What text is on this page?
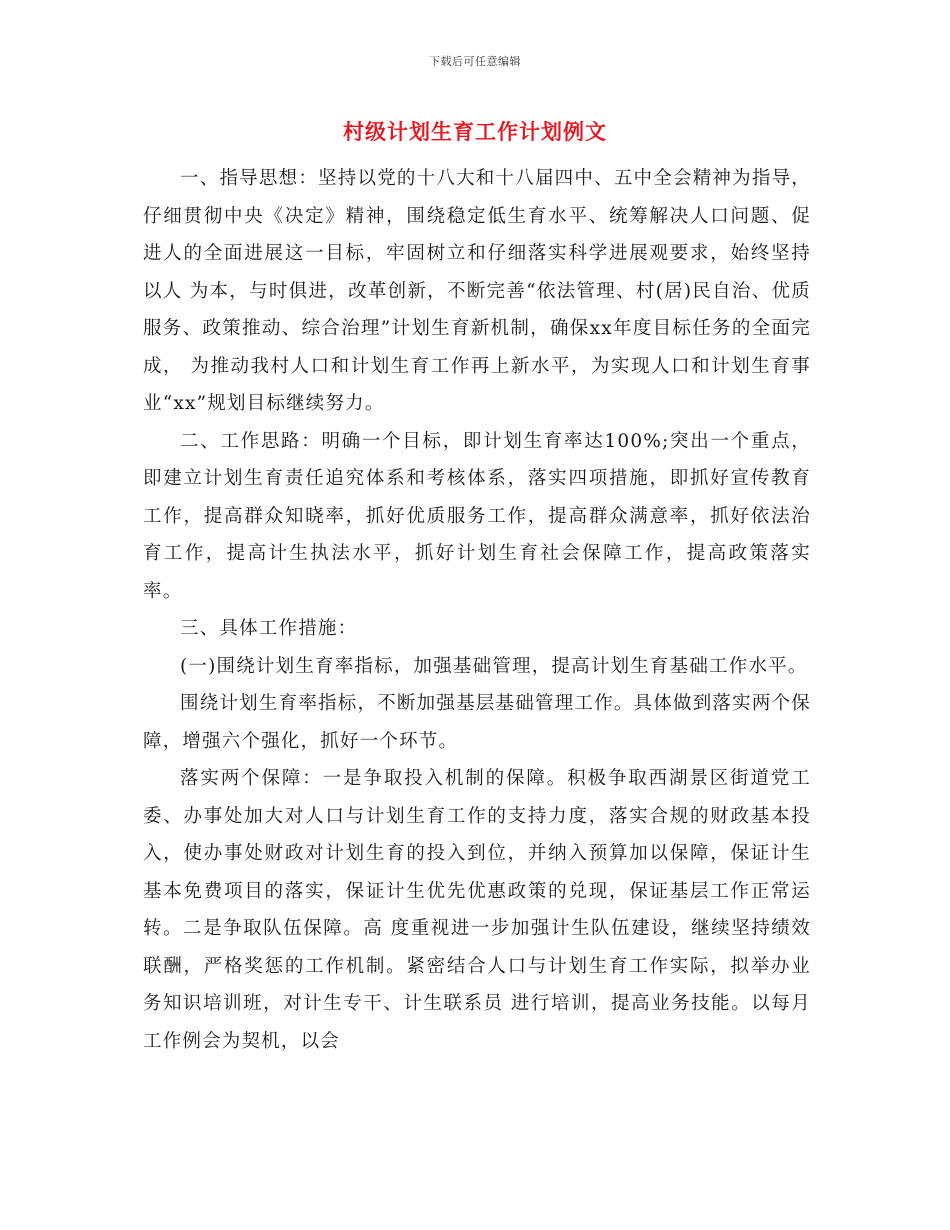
下载后可任意编辑
村级计划生育工作计划例文

一、指导思想：坚持以党的十八大和十八届四中、五中全会精神为指导，仔细贯彻中央《决定》精神，围绕稳定低生育水平、统筹解决人口问题、促进人的全面进展这一目标，牢固树立和仔细落实科学进展观要求，始终坚持以人 为本，与时俱进，改革创新，不断完善“依法管理、村(居)民自治、优质服务、政策推动、综合治理”计划生育新机制，确保xx年度目标任务的全面完成， 为推动我村人口和计划生育工作再上新水平，为实现人口和计划生育事业“xx”规划目标继续努力。

二、工作思路：明确一个目标，即计划生育率达100%;突出一个重点，即建立计划生育责任追究体系和考核体系，落实四项措施，即抓好宣传教育工作，提高群众知晓率，抓好优质服务工作，提高群众满意率，抓好依法治育工作，提高计生执法水平，抓好计划生育社会保障工作，提高政策落实率。

三、具体工作措施：

(一)围绕计划生育率指标，加强基础管理，提高计划生育基础工作水平。

围绕计划生育率指标，不断加强基层基础管理工作。具体做到落实两个保障，增强六个强化，抓好一个环节。

落实两个保障：一是争取投入机制的保障。积极争取西湖景区街道党工委、办事处加大对人口与计划生育工作的支持力度，落实合规的财政基本投入，使办事处财政对计划生育的投入到位，并纳入预算加以保障，保证计生基本免费项目的落实，保证计生优先优惠政策的兑现，保证基层工作正常运转。二是争取队伍保障。高 度重视进一步加强计生队伍建设，继续坚持绩效联酬，严格奖惩的工作机制。紧密结合人口与计划生育工作实际，拟举办业务知识培训班，对计生专干、计生联系员 进行培训，提高业务技能。以每月工作例会为契机，以会
